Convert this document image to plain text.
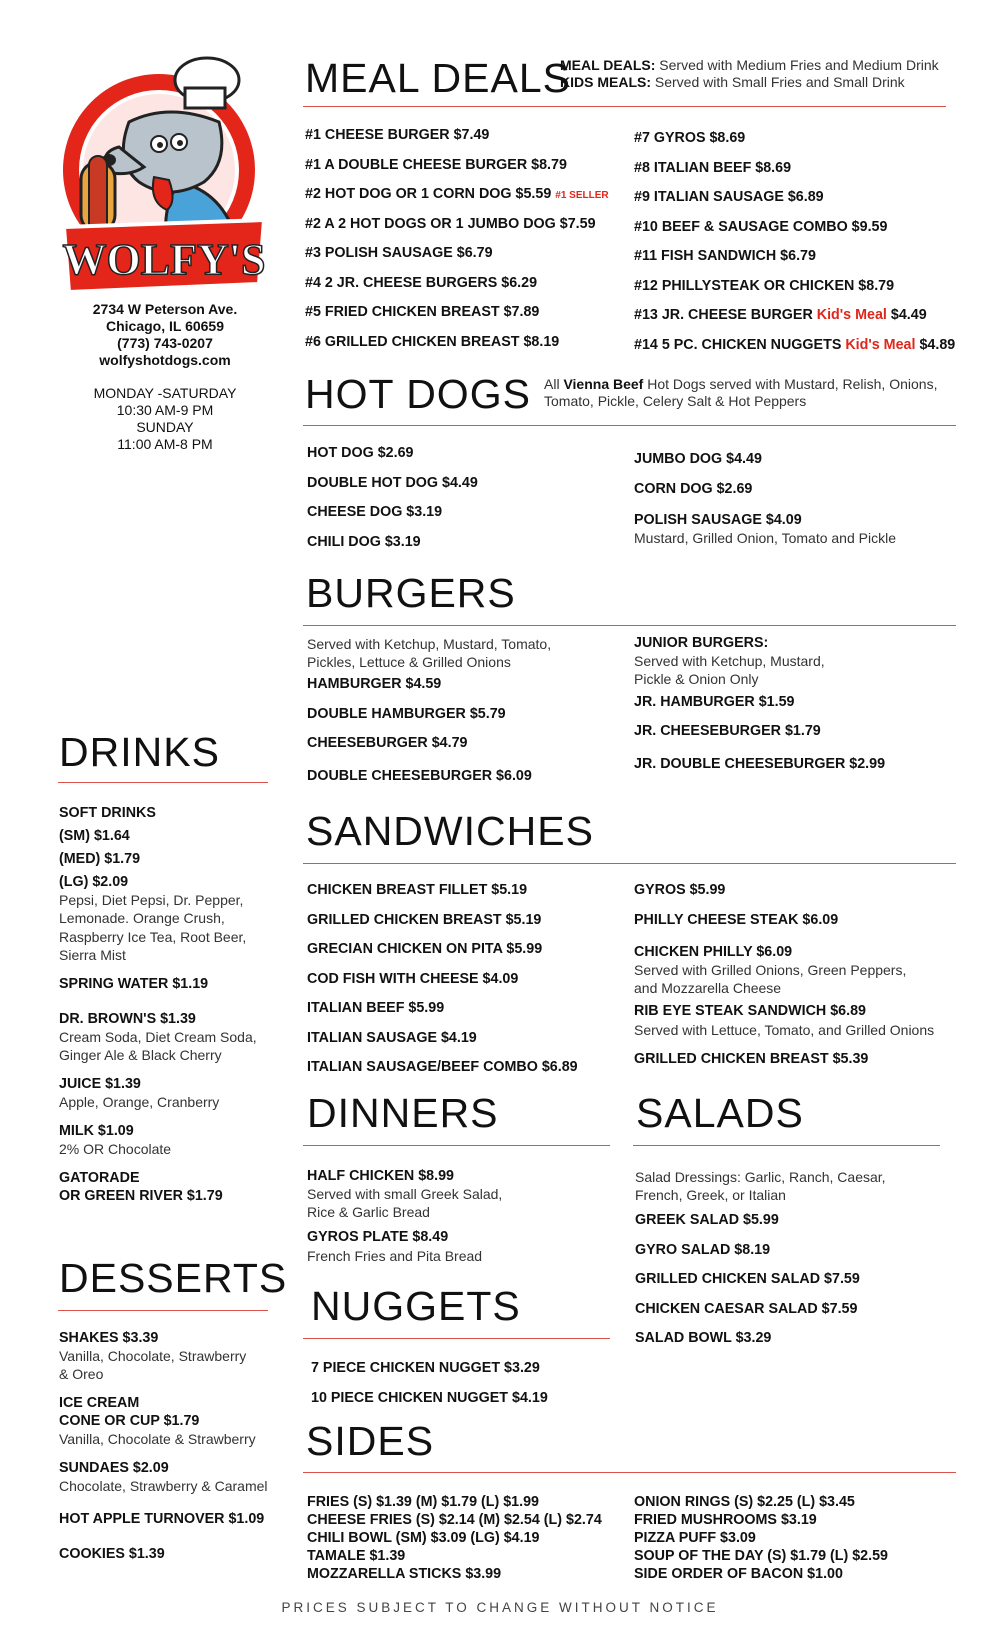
WOLFY'S
2734 W Peterson Ave.
Chicago, IL 60659
(773) 743-0207
wolfyshotdogs.com
MONDAY -SATURDAY
10:30 AM-9 PM
SUNDAY
11:00 AM-8 PM
MEAL DEALS
MEAL DEALS: Served with Medium Fries and Medium Drink
KIDS MEALS: Served with Small Fries and Small Drink
#1 CHEESE BURGER $7.49
#1 A DOUBLE CHEESE BURGER $8.79
#2 HOT DOG OR 1 CORN DOG $5.59 #1 SELLER
#2 A 2 HOT DOGS OR 1 JUMBO DOG $7.59
#3 POLISH SAUSAGE $6.79
#4 2 JR. CHEESE BURGERS $6.29
#5 FRIED CHICKEN BREAST $7.89
#6 GRILLED CHICKEN BREAST $8.19
#7 GYROS $8.69
#8 ITALIAN BEEF $8.69
#9 ITALIAN SAUSAGE $6.89
#10 BEEF & SAUSAGE COMBO $9.59
#11 FISH SANDWICH $6.79
#12 PHILLYSTEAK OR CHICKEN $8.79
#13 JR. CHEESE BURGER Kid's Meal $4.49
#14 5 PC. CHICKEN NUGGETS Kid's Meal $4.89
HOT DOGS All Vienna Beef Hot Dogs served with Mustard, Relish, Onions,
Tomato, Pickle, Celery Salt & Hot Peppers
HOT DOG $2.69
DOUBLE HOT DOG $4.49
CHEESE DOG $3.19
CHILI DOG $3.19
JUMBO DOG $4.49
CORN DOG $2.69
POLISH SAUSAGE $4.09
Mustard, Grilled Onion, Tomato and Pickle
BURGERS
Served with Ketchup, Mustard, Tomato,
Pickles, Lettuce & Grilled Onions
HAMBURGER $4.59
DOUBLE HAMBURGER $5.79
CHEESEBURGER $4.79
DOUBLE CHEESEBURGER $6.09
JUNIOR BURGERS:
Served with Ketchup, Mustard,
Pickle & Onion Only
JR. HAMBURGER $1.59
JR. CHEESEBURGER $1.79
JR. DOUBLE CHEESEBURGER $2.99
SANDWICHES
CHICKEN BREAST FILLET $5.19
GRILLED CHICKEN BREAST $5.19
GRECIAN CHICKEN ON PITA $5.99
COD FISH WITH CHEESE $4.09
ITALIAN BEEF $5.99
ITALIAN SAUSAGE $4.19
ITALIAN SAUSAGE/BEEF COMBO $6.89
GYROS $5.99
PHILLY CHEESE STEAK $6.09
CHICKEN PHILLY $6.09
Served with Grilled Onions, Green Peppers,
and Mozzarella Cheese
RIB EYE STEAK SANDWICH $6.89
Served with Lettuce, Tomato, and Grilled Onions
GRILLED CHICKEN BREAST $5.39
DINNERS
HALF CHICKEN $8.99
Served with small Greek Salad,
Rice & Garlic Bread
GYROS PLATE $8.49
French Fries and Pita Bread
SALADS
Salad Dressings: Garlic, Ranch, Caesar,
French, Greek, or Italian
GREEK SALAD $5.99
GYRO SALAD $8.19
GRILLED CHICKEN SALAD $7.59
CHICKEN CAESAR SALAD $7.59
SALAD BOWL $3.29
NUGGETS
7 PIECE CHICKEN NUGGET $3.29
10 PIECE CHICKEN NUGGET $4.19
SIDES
FRIES (S) $1.39 (M) $1.79 (L) $1.99
CHEESE FRIES (S) $2.14 (M) $2.54 (L) $2.74
CHILI BOWL (SM) $3.09 (LG) $4.19
TAMALE $1.39
MOZZARELLA STICKS $3.99
ONION RINGS (S) $2.25 (L) $3.45
FRIED MUSHROOMS $3.19
PIZZA PUFF $3.09
SOUP OF THE DAY (S) $1.79 (L) $2.59
SIDE ORDER OF BACON $1.00
DRINKS
SOFT DRINKS
(SM) $1.64
(MED) $1.79
(LG) $2.09
Pepsi, Diet Pepsi, Dr. Pepper,
Lemonade. Orange Crush,
Raspberry Ice Tea, Root Beer,
Sierra Mist
SPRING WATER $1.19
DR. BROWN'S $1.39
Cream Soda, Diet Cream Soda,
Ginger Ale & Black Cherry
JUICE $1.39
Apple, Orange, Cranberry
MILK $1.09
2% OR Chocolate
GATORADE
OR GREEN RIVER $1.79
DESSERTS
SHAKES $3.39
Vanilla, Chocolate, Strawberry
& Oreo
ICE CREAM
CONE OR CUP $1.79
Vanilla, Chocolate & Strawberry
SUNDAES $2.09
Chocolate, Strawberry & Caramel
HOT APPLE TURNOVER $1.09
COOKIES $1.39
PRICES SUBJECT TO CHANGE WITHOUT NOTICE
